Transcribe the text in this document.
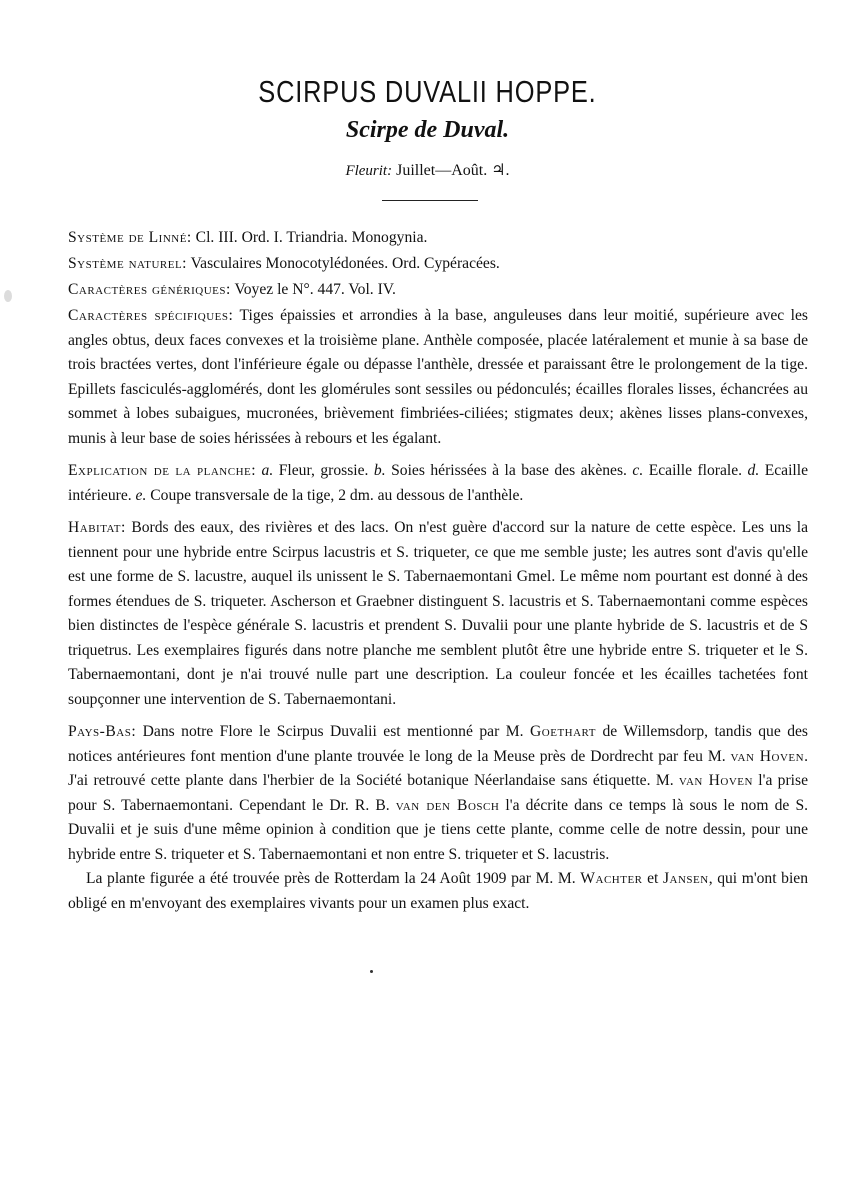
SCIRPUS DUVALII HOPPE.
Scirpe de Duval.
Fleurit: Juillet—Août. ♃.

Système de Linné: Cl. III. Ord. I. Triandria. Monogynia.

Système naturel: Vasculaires Monocotylédonées. Ord. Cypéracées.

Caractères génériques: Voyez le N°. 447. Vol. IV.

Caractères spécifiques: Tiges épaissies et arrondies à la base, anguleuses dans leur moitié, supérieure avec les angles obtus, deux faces convexes et la troisième plane. Anthèle composée, placée latéralement et munie à sa base de trois bractées vertes, dont l'inférieure égale ou dépasse l'anthèle, dressée et paraissant être le prolongement de la tige. Epillets fasciculés-agglomérés, dont les glomérules sont sessiles ou pédonculés; écailles florales lisses, échancrées au sommet à lobes subaigues, mucronées, brièvement fimbriées-ciliées; stigmates deux; akènes lisses plans-convexes, munis à leur base de soies hérissées à rebours et les égalant.

Explication de la planche: a. Fleur, grossie. b. Soies hérissées à la base des akènes. c. Ecaille florale. d. Ecaille intérieure. e. Coupe transversale de la tige, 2 dm. au dessous de l'anthèle.

Habitat: Bords des eaux, des rivières et des lacs. On n'est guère d'accord sur la nature de cette espèce. Les uns la tiennent pour une hybride entre Scirpus lacustris et S. triqueter, ce que me semble juste; les autres sont d'avis qu'elle est une forme de S. lacustre, auquel ils unissent le S. Tabernaemontani Gmel. Le même nom pourtant est donné à des formes étendues de S. triqueter. Ascherson et Graebner distinguent S. lacustris et S. Tabernaemontani comme espèces bien distinctes de l'espèce générale S. lacustris et prendent S. Duvalii pour une plante hybride de S. lacustris et de S triquetrus. Les exemplaires figurés dans notre planche me semblent plutôt être une hybride entre S. triqueter et le S. Tabernaemontani, dont je n'ai trouvé nulle part une description. La couleur foncée et les écailles tachetées font soupçonner une intervention de S. Tabernaemontani.

Pays-Bas: Dans notre Flore le Scirpus Duvalii est mentionné par M. Goethart de Willemsdorp, tandis que des notices antérieures font mention d'une plante trouvée le long de la Meuse près de Dordrecht par feu M. van Hoven. J'ai retrouvé cette plante dans l'herbier de la Société botanique Néerlandaise sans étiquette. M. van Hoven l'a prise pour S. Tabernaemontani. Cependant le Dr. R. B. van den Bosch l'a décrite dans ce temps là sous le nom de S. Duvalii et je suis d'une même opinion à condition que je tiens cette plante, comme celle de notre dessin, pour une hybride entre S. triqueter et S. Tabernaemontani et non entre S. triqueter et S. lacustris.

La plante figurée a été trouvée près de Rotterdam la 24 Août 1909 par M. M. Wachter et Jansen, qui m'ont bien obligé en m'envoyant des exemplaires vivants pour un examen plus exact.
